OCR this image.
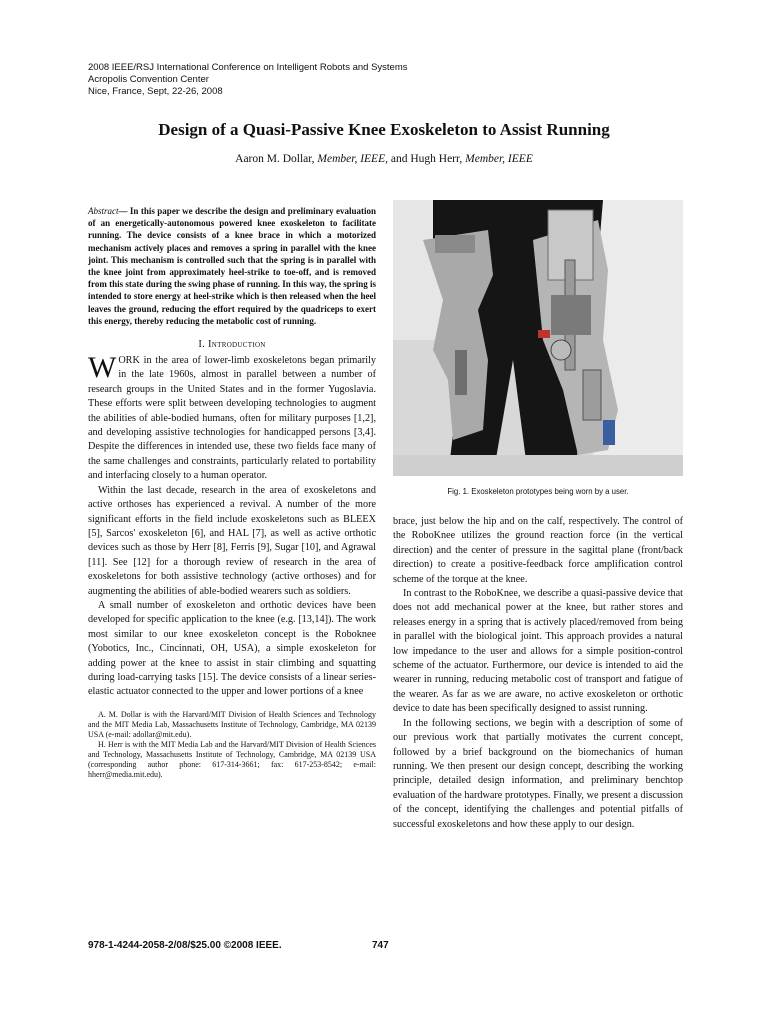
2008 IEEE/RSJ International Conference on Intelligent Robots and Systems
Acropolis Convention Center
Nice, France, Sept, 22-26, 2008
Design of a Quasi-Passive Knee Exoskeleton to Assist Running
Aaron M. Dollar, Member, IEEE, and Hugh Herr, Member, IEEE
Abstract— In this paper we describe the design and preliminary evaluation of an energetically-autonomous powered knee exoskeleton to facilitate running. The device consists of a knee brace in which a motorized mechanism actively places and removes a spring in parallel with the knee joint. This mechanism is controlled such that the spring is in parallel with the knee joint from approximately heel-strike to toe-off, and is removed from this state during the swing phase of running. In this way, the spring is intended to store energy at heel-strike which is then released when the heel leaves the ground, reducing the effort required by the quadriceps to exert this energy, thereby reducing the metabolic cost of running.
I. Introduction

WORK in the area of lower-limb exoskeletons began primarily in the late 1960s, almost in parallel between a number of research groups in the United States and in the former Yugoslavia. These efforts were split between developing technologies to augment the abilities of able-bodied humans, often for military purposes [1,2], and developing assistive technologies for handicapped persons [3,4]. Despite the differences in intended use, these two fields face many of the same challenges and constraints, particularly related to portability and interfacing closely to a human operator.

Within the last decade, research in the area of exoskeletons and active orthoses has experienced a revival. A number of the more significant efforts in the field include exoskeletons such as BLEEX [5], Sarcos' exoskeleton [6], and HAL [7], as well as active orthotic devices such as those by Herr [8], Ferris [9], Sugar [10], and Agrawal [11]. See [12] for a thorough review of research in the area of exoskeletons for both assistive technology (active orthoses) and for augmenting the abilities of able-bodied wearers such as soldiers.

A small number of exoskeleton and orthotic devices have been developed for specific application to the knee (e.g. [13,14]). The work most similar to our knee exoskeleton concept is the Roboknee (Yobotics, Inc., Cincinnati, OH, USA), a simple exoskeleton for adding power at the knee to assist in stair climbing and squatting during load-carrying tasks [15]. The device consists of a linear series-elastic actuator connected to the upper and lower portions of a knee

A. M. Dollar is with the Harvard/MIT Division of Health Sciences and Technology and the MIT Media Lab, Massachusetts Institute of Technology, Cambridge, MA 02139 USA (e-mail: adollar@mit.edu).

H. Herr is with the MIT Media Lab and the Harvard/MIT Division of Health Sciences and Technology, Massachusetts Institute of Technology, Cambridge, MA 02139 USA (corresponding author phone: 617-314-3661; fax: 617-253-8542; e-mail: hherr@media.mit.edu).

Fig. 1. Exoskeleton prototypes being worn by a user.

brace, just below the hip and on the calf, respectively. The control of the RoboKnee utilizes the ground reaction force (in the vertical direction) and the center of pressure in the sagittal plane (front/back direction) to create a positive-feedback force amplification control scheme of the torque at the knee.

In contrast to the RoboKnee, we describe a quasi-passive device that does not add mechanical power at the knee, but rather stores and releases energy in a spring that is actively placed/removed from being in parallel with the biological joint. This approach provides a natural low impedance to the user and allows for a simple position-control scheme of the actuator. Furthermore, our device is intended to aid the wearer in running, reducing metabolic cost of transport and fatigue of the wearer. As far as we are aware, no active exoskeleton or orthotic device to date has been specifically designed to assist running.

In the following sections, we begin with a description of some of our previous work that partially motivates the current concept, followed by a brief background on the biomechanics of human running. We then present our design concept, describing the working principle, detailed design information, and preliminary benchtop evaluation of the hardware prototypes. Finally, we present a discussion of the concept, identifying the challenges and potential pitfalls of successful exoskeletons and how these apply to our design.

978-1-4244-2058-2/08/$25.00 ©2008 IEEE.	747
